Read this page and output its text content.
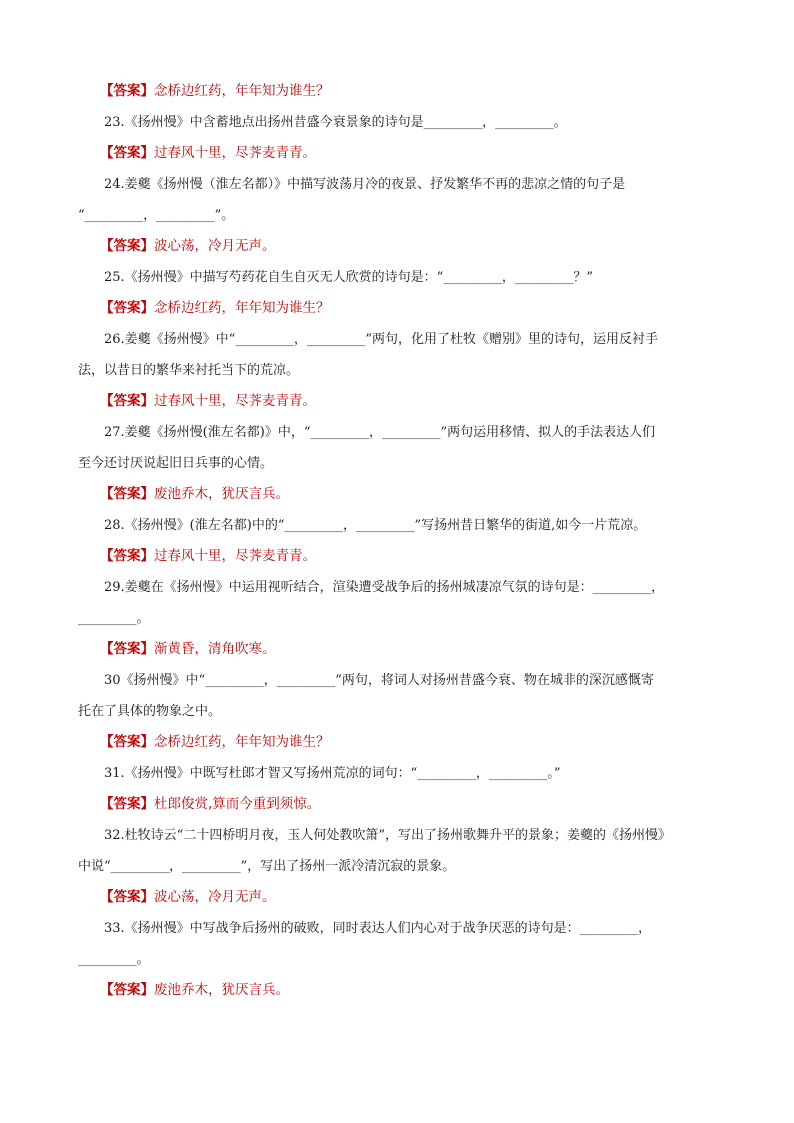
【答案】念桥边红药，年年知为谁生？

23.《扬州慢》中含蓄地点出扬州昔盛今衰景象的诗句是_________，_________。

【答案】过春风十里，尽荠麦青青。

24.姜夔《扬州慢（淮左名都）》中描写波荡月冷的夜景、抒发繁华不再的悲凉之情的句子是

“_________，_________”。

【答案】波心荡，冷月无声。

25.《扬州慢》中描写芍药花自生自灭无人欣赏的诗句是：“_________，_________？”

【答案】念桥边红药，年年知为谁生？

26.姜夔《扬州慢》中“_________，_________”两句，化用了杜牧《赠别》里的诗句，运用反衬手

法，以昔日的繁华来衬托当下的荒凉。

【答案】过春风十里，尽荠麦青青。

27.姜夔《扬州慢(淮左名都)》中，“_________，_________”两句运用移情、拟人的手法表达人们

至今还讨厌说起旧日兵事的心情。

【答案】废池乔木，犹厌言兵。

28.《扬州慢》(淮左名都)中的“_________，_________”写扬州昔日繁华的街道,如今一片荒凉。

【答案】过春风十里，尽荠麦青青。

29.姜夔在《扬州慢》中运用视听结合，渲染遭受战争后的扬州城凄凉气氛的诗句是：_________，

_________。

【答案】渐黄昏，清角吹寒。

30《扬州慢》中“_________，_________”两句，将词人对扬州昔盛今衰、物在城非的深沉感慨寄

托在了具体的物象之中。

【答案】念桥边红药，年年知为谁生？

31.《扬州慢》中既写杜郎才智又写扬州荒凉的词句：“_________，_________。”

【答案】杜郎俊赏,算而今重到须惊。

32.杜牧诗云“二十四桥明月夜，玉人何处教吹箫”，写出了扬州歌舞升平的景象；姜夔的《扬州慢》

中说“_________，_________”，写出了扬州一派冷清沉寂的景象。

【答案】波心荡，冷月无声。

33.《扬州慢》中写战争后扬州的破败，同时表达人们内心对于战争厌恶的诗句是：_________，

_________。

【答案】废池乔木，犹厌言兵。
